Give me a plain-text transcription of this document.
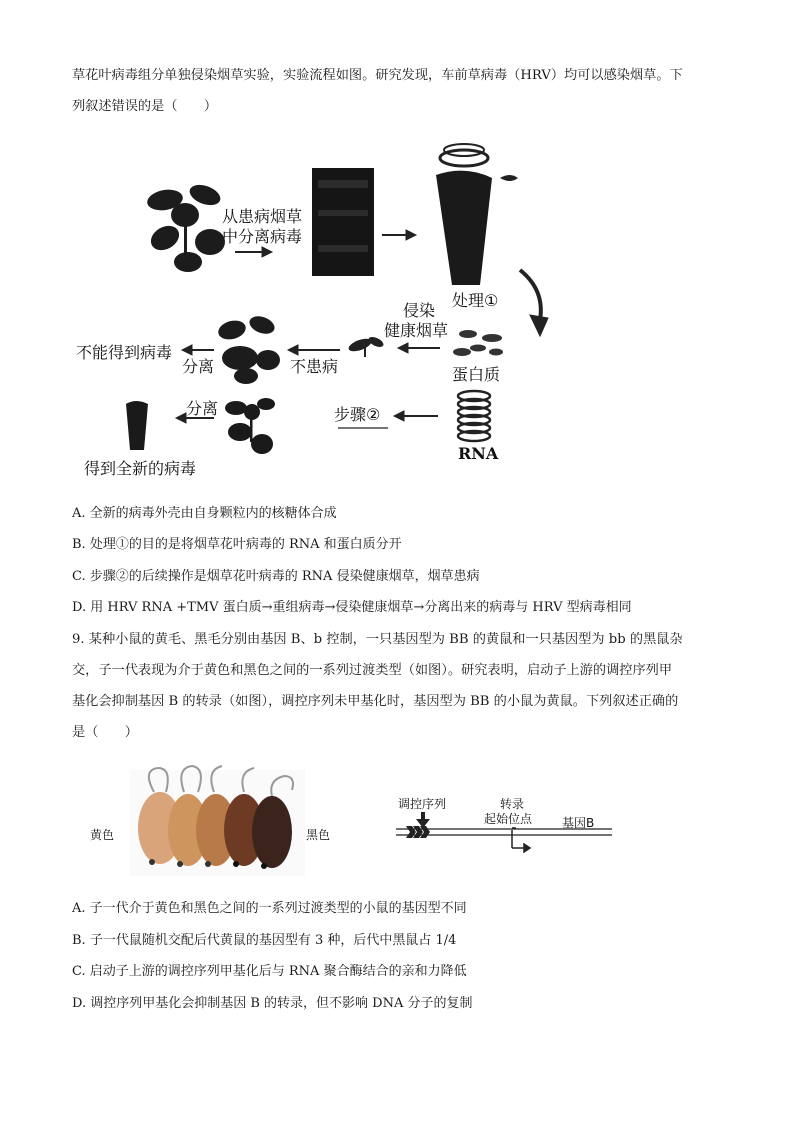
草花叶病毒组分单独侵染烟草实验，实验流程如图。研究发现，车前草病毒（HRV）均可以感染烟草。下
列叙述错误的是（　　）
从患病烟草
中分离病毒
处理①
侵染
健康烟草
蛋白质
RNA
不患病
分离
不能得到病毒
步骤②
分离
得到全新的病毒
A. 全新的病毒外壳由自身颗粒内的核糖体合成
B. 处理①的目的是将烟草花叶病毒的 RNA 和蛋白质分开
C. 步骤②的后续操作是烟草花叶病毒的 RNA 侵染健康烟草，烟草患病
D. 用 HRV RNA +TMV 蛋白质→重组病毒→侵染健康烟草→分离出来的病毒与 HRV 型病毒相同
9. 某种小鼠的黄毛、黑毛分别由基因 B、b 控制，一只基因型为 BB 的黄鼠和一只基因型为 bb 的黑鼠杂
交，子一代表现为介于黄色和黑色之间的一系列过渡类型（如图）。研究表明，启动子上游的调控序列甲
基化会抑制基因 B 的转录（如图），调控序列未甲基化时，基因型为 BB 的小鼠为黄鼠。下列叙述正确的
是（　　）
黄色	黑色
调控序列	转录
起始位点 基因B
A. 子一代介于黄色和黑色之间的一系列过渡类型的小鼠的基因型不同
B. 子一代鼠随机交配后代黄鼠的基因型有 3 种，后代中黑鼠占 1/4
C. 启动子上游的调控序列甲基化后与 RNA 聚合酶结合的亲和力降低
D. 调控序列甲基化会抑制基因 B 的转录，但不影响 DNA 分子的复制
